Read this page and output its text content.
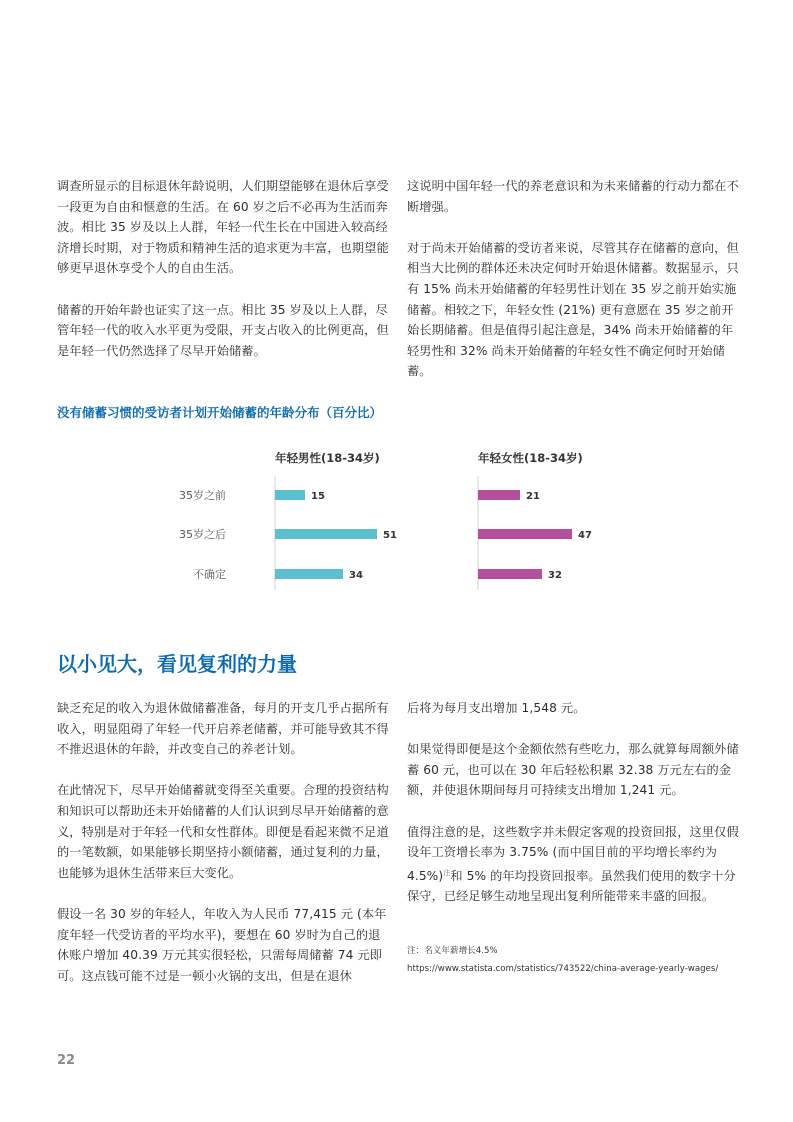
调查所显示的目标退休年龄说明，人们期望能够在退休后享受一段更为自由和惬意的生活。在 60 岁之后不必再为生活而奔波。相比 35 岁及以上人群，年轻一代生长在中国进入较高经济增长时期，对于物质和精神生活的追求更为丰富，也期望能够更早退休享受个人的自由生活。

储蓄的开始年龄也证实了这一点。相比 35 岁及以上人群，尽管年轻一代的收入水平更为受限，开支占收入的比例更高，但是年轻一代仍然选择了尽早开始储蓄。

这说明中国年轻一代的养老意识和为未来储蓄的行动力都在不断增强。

对于尚未开始储蓄的受访者来说，尽管其存在储蓄的意向，但相当大比例的群体还未决定何时开始退休储蓄。数据显示，只有 15% 尚未开始储蓄的年轻男性计划在 35 岁之前开始实施储蓄。相较之下，年轻女性 (21%) 更有意愿在 35 岁之前开始长期储蓄。但是值得引起注意是，34% 尚未开始储蓄的年轻男性和 32% 尚未开始储蓄的年轻女性不确定何时开始储蓄。

没有储蓄习惯的受访者计划开始储蓄的年龄分布（百分比）
35岁之前
35岁之后
不确定
年轻男性(18-34岁)
15
51
34
年轻女性(18-34岁)
21
47
32
以小见大，看见复利的力量

缺乏充足的收入为退休做储蓄准备，每月的开支几乎占据所有收入，明显阻碍了年轻一代开启养老储蓄，并可能导致其不得不推迟退休的年龄，并改变自己的养老计划。

在此情况下，尽早开始储蓄就变得至关重要。合理的投资结构和知识可以帮助还未开始储蓄的人们认识到尽早开始储蓄的意义，特别是对于年轻一代和女性群体。即便是看起来微不足道的一笔数额，如果能够长期坚持小额储蓄，通过复利的力量，也能够为退休生活带来巨大变化。

假设一名 30 岁的年轻人，年收入为人民币 77,415 元 (本年度年轻一代受访者的平均水平)，要想在 60 岁时为自己的退休账户增加 40.39 万元其实很轻松，只需每周储蓄 74 元即可。这点钱可能不过是一顿小火锅的支出，但是在退休

后将为每月支出增加 1,548 元。

如果觉得即便是这个金额依然有些吃力，那么就算每周额外储蓄 60 元，也可以在 30 年后轻松积累 32.38 万元左右的金额，并使退休期间每月可持续支出增加 1,241 元。

值得注意的是，这些数字并未假定客观的投资回报，这里仅假设年工资增长率为 3.75% (而中国目前的平均增长率约为 4.5%)$^注$和 5% 的年均投资回报率。虽然我们使用的数字十分保守，已经足够生动地呈现出复利所能带来丰盛的回报。

注：名义年薪增长4.5%
https://www.statista.com/statistics/743522/china-average-yearly-wages/
22
